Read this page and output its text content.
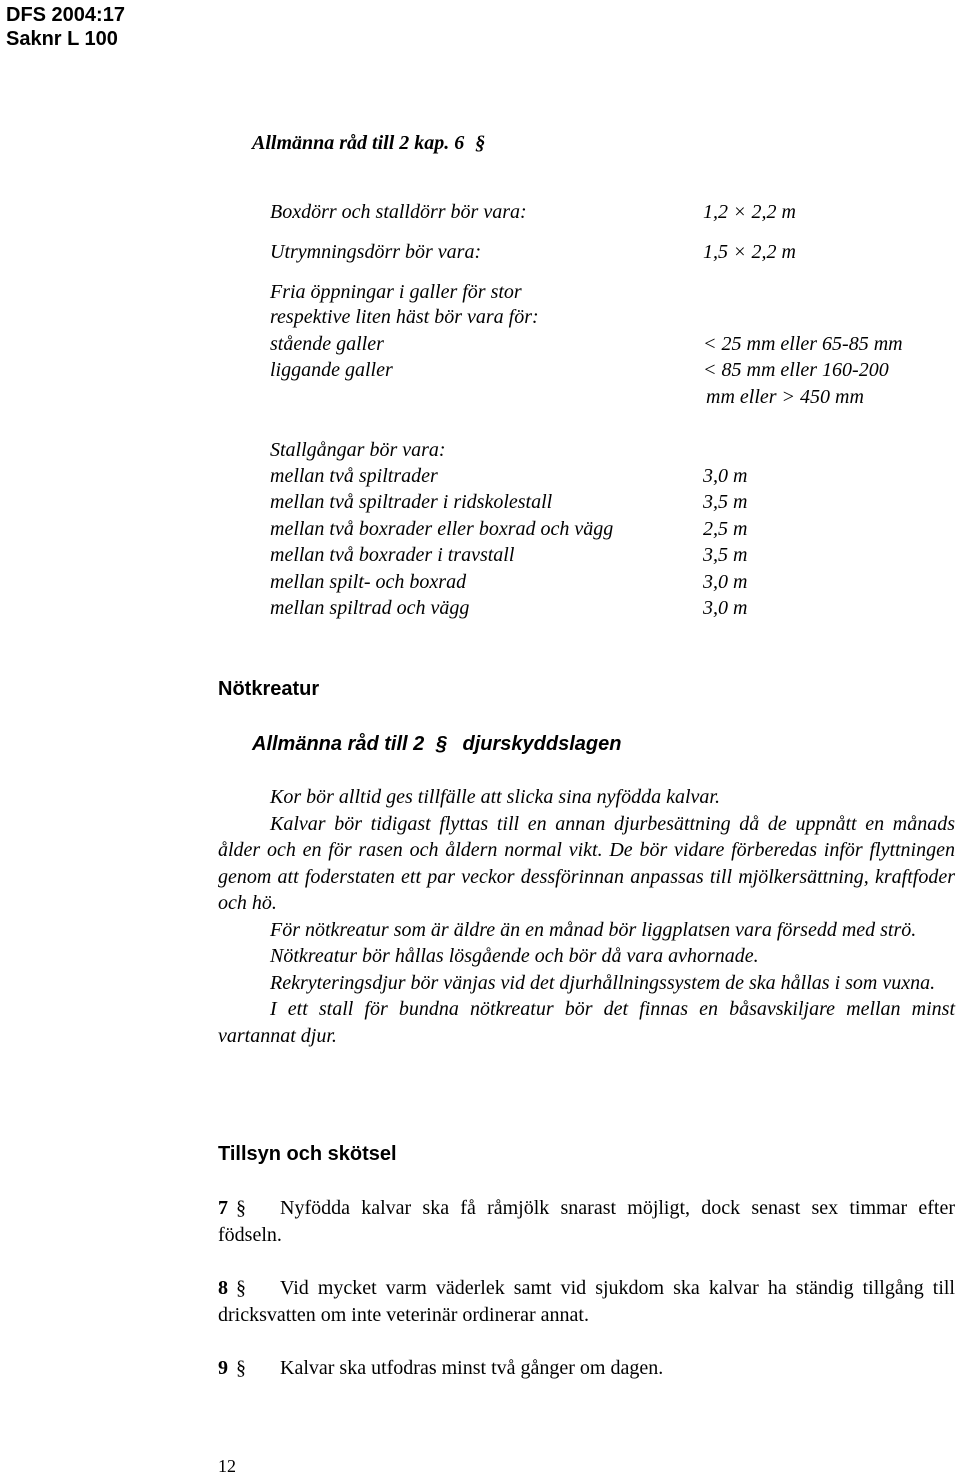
DFS 2004:17
Saknr L 100
Allmänna råd till 2 kap. 6 §
Boxdörr och stalldörr bör vara:	1,2 × 2,2 m
Utrymningsdörr bör vara:	1,5 × 2,2 m
Fria öppningar i galler för stor
respektive liten häst bör vara för:
stående galler	< 25 mm eller 65-85 mm
liggande galler	< 85 mm eller 160-200
mm eller > 450 mm
Stallgångar bör vara:
mellan två spiltrader	3,0 m
mellan två spiltrader i ridskolestall	3,5 m
mellan två boxrader eller boxrad och vägg	2,5 m
mellan två boxrader i travstall	3,5 m
mellan spilt- och boxrad	3,0 m
mellan spiltrad och vägg	3,0 m
Nötkreatur
Allmänna råd till 2 § djurskyddslagen

Kor bör alltid ges tillfälle att slicka sina nyfödda kalvar.

Kalvar bör tidigast flyttas till en annan djurbesättning då de uppnått en månads ålder och en för rasen och åldern normal vikt. De bör vidare förberedas inför flyttningen genom att foderstaten ett par veckor dessförinnan anpassas till mjölkersättning, kraftfoder och hö.

För nötkreatur som är äldre än en månad bör liggplatsen vara försedd med strö.

Nötkreatur bör hållas lösgående och bör då vara avhornade.

Rekryteringsdjur bör vänjas vid det djurhållningssystem de ska hållas i som vuxna.

I ett stall för bundna nötkreatur bör det finnas en båsavskiljare mellan minst vartannat djur.

Tillsyn och skötsel

7 § Nyfödda kalvar ska få råmjölk snarast möjligt, dock senast sex timmar efter födseln.

8 § Vid mycket varm väderlek samt vid sjukdom ska kalvar ha ständig tillgång till dricksvatten om inte veterinär ordinerar annat.

9 § Kalvar ska utfodras minst två gånger om dagen.

12
